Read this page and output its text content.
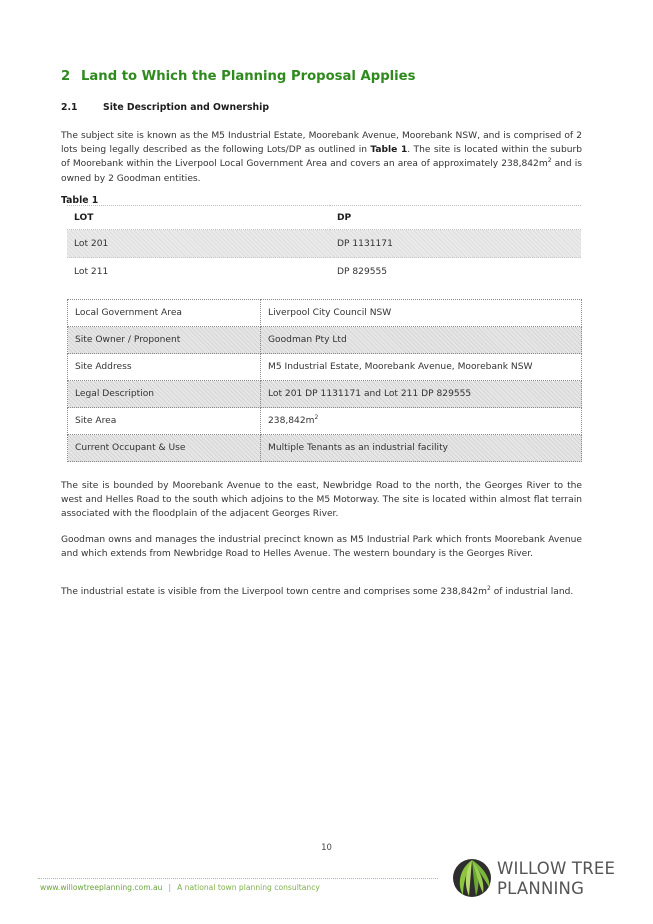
2 Land to Which the Planning Proposal Applies
2.1	Site Description and Ownership

The subject site is known as the M5 Industrial Estate, Moorebank Avenue, Moorebank NSW, and is comprised of 2 lots being legally described as the following Lots/DP as outlined in Table 1. The site is located within the suburb of Moorebank within the Liverpool Local Government Area and covers an area of approximately $238,842m^2$ and is owned by 2 Goodman entities.

Table 1

LOT	DP
Lot 201	DP 1131171
Lot 211	DP 829555
Local Government Area	Liverpool City Council NSW
Site Owner / Proponent	Goodman Pty Ltd
Site Address	M5 Industrial Estate, Moorebank Avenue, Moorebank NSW
Legal Description	Lot 201 DP 1131171 and Lot 211 DP 829555
Site Area	$238,842m^2$
Current Occupant & Use	Multiple Tenants as an industrial facility

The site is bounded by Moorebank Avenue to the east, Newbridge Road to the north, the Georges River to the west and Helles Road to the south which adjoins to the M5 Motorway. The site is located within almost flat terrain associated with the floodplain of the adjacent Georges River.

Goodman owns and manages the industrial precinct known as M5 Industrial Park which fronts Moorebank Avenue and which extends from Newbridge Road to Helles Avenue. The western boundary is the Georges River.

The industrial estate is visible from the Liverpool town centre and comprises some $238,842m^2$ of industrial land.

10

www.willowtreeplanning.com.au | A national town planning consultancy

WILLOW TREE

PLANNING
